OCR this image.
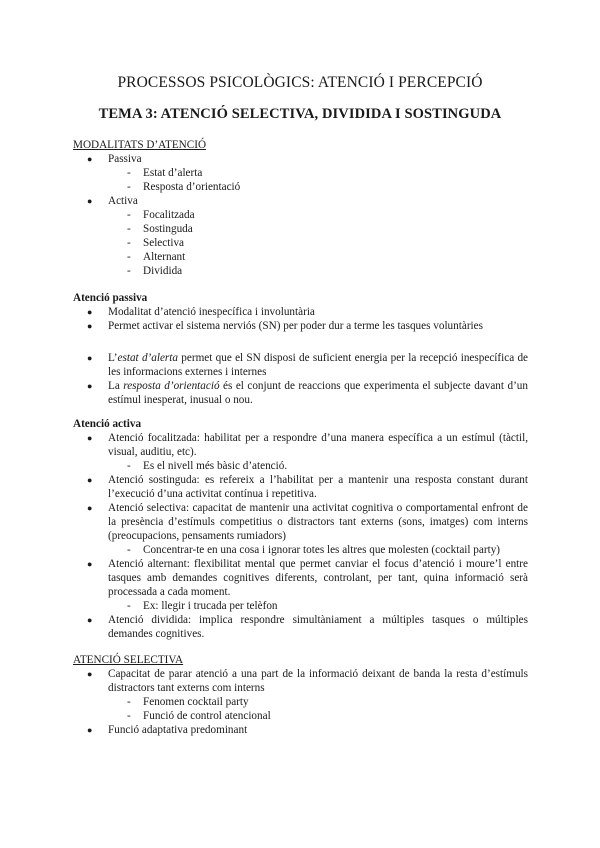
PROCESSOS PSICOLÒGICS: ATENCIÓ I PERCEPCIÓ
TEMA 3: ATENCIÓ SELECTIVA, DIVIDIDA I SOSTINGUDA
MODALITATS D’ATENCIÓ
● Passiva
- Estat d’alerta
- Resposta d’orientació
● Activa
- Focalitzada
- Sostinguda
- Selectiva
- Alternant
- Dividida
Atenció passiva
● Modalitat d’atenció inespecífica i involuntària
● Permet activar el sistema nerviós (SN) per poder dur a terme les tasques voluntàries
● L’estat d’alerta permet que el SN disposi de suficient energia per la recepció inespecífica de les informacions externes i internes
● La resposta d’orientació és el conjunt de reaccions que experimenta el subjecte davant d’un estímul inesperat, inusual o nou.
Atenció activa
● Atenció focalitzada: habilitat per a respondre d’una manera específica a un estímul (tàctil, visual, auditiu, etc).
- Es el nivell més bàsic d’atenció.
● Atenció sostinguda: es refereix a l’habilitat per a mantenir una resposta constant durant l’execució d’una activitat contínua i repetitiva.
● Atenció selectiva: capacitat de mantenir una activitat cognitiva o comportamental enfront de la presència d’estímuls competitius o distractors tant externs (sons, imatges) com interns (preocupacions, pensaments rumiadors)
- Concentrar-te en una cosa i ignorar totes les altres que molesten (cocktail party)
● Atenció alternant: flexibilitat mental que permet canviar el focus d’atenció i moure’l entre tasques amb demandes cognitives diferents, controlant, per tant, quina informació serà processada a cada moment.
- Ex: llegir i trucada per telèfon
● Atenció dividida: implica respondre simultàniament a múltiples tasques o múltiples demandes cognitives.
ATENCIÓ SELECTIVA
● Capacitat de parar atenció a una part de la informació deixant de banda la resta d’estímuls distractors tant externs com interns
- Fenomen cocktail party
- Funció de control atencional
● Funció adaptativa predominant
